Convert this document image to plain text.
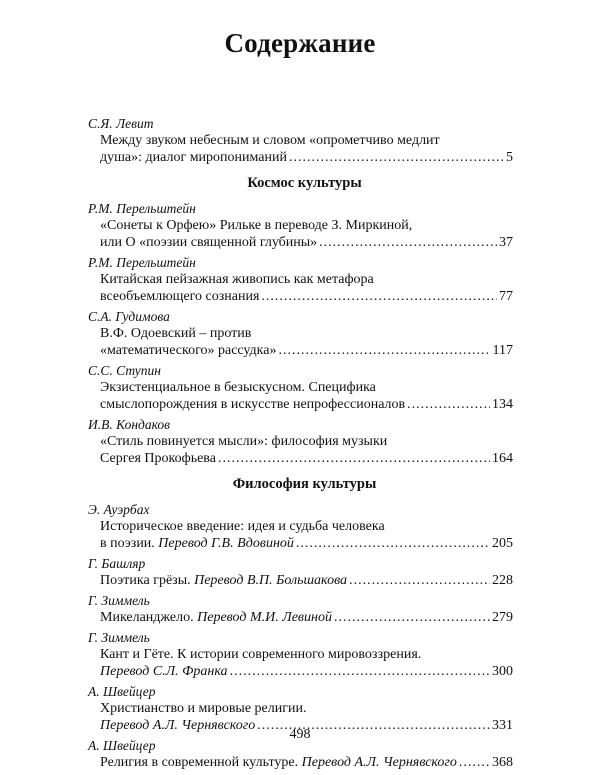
Содержание
С.Я. Левит
Между звуком небесным и словом «опрометчиво медлит
душа»: диалог миропониманий .....	5
Космос культуры
Р.М. Перельштейн
«Сонеты к Орфею» Рильке в переводе З. Миркиной,
или О «поэзии священной глубины» .....	37
Р.М. Перельштейн
Китайская пейзажная живопись как метафора
всеобъемлющего сознания .....	77
С.А. Гудимова
В.Ф. Одоевский – против
«математического» рассудка» .....	117
С.С. Ступин
Экзистенциальное в безыскусном. Специфика
смыслопорождения в искусстве непрофессионалов .....	134
И.В. Кондаков
«Стиль повинуется мысли»: философия музыки
Сергея Прокофьева .....	164
Философия культуры
Э. Ауэрбах
Историческое введение: идея и судьба человека
в поэзии. Перевод Г.В. Вдовиной .....	205
Г. Башляр
Поэтика грёзы. Перевод В.П. Большакова .....	228
Г. Зиммель
Микеланджело. Перевод М.И. Левиной .....	279
Г. Зиммель
Кант и Гёте. К истории современного мировоззрения.
Перевод С.Л. Франка .....	300
А. Швейцер
Христианство и мировые религии.
Перевод А.Л. Чернявского .....	331
А. Швейцер
Религия в современной культуре. Перевод А.Л. Чернявского .....	368
498
